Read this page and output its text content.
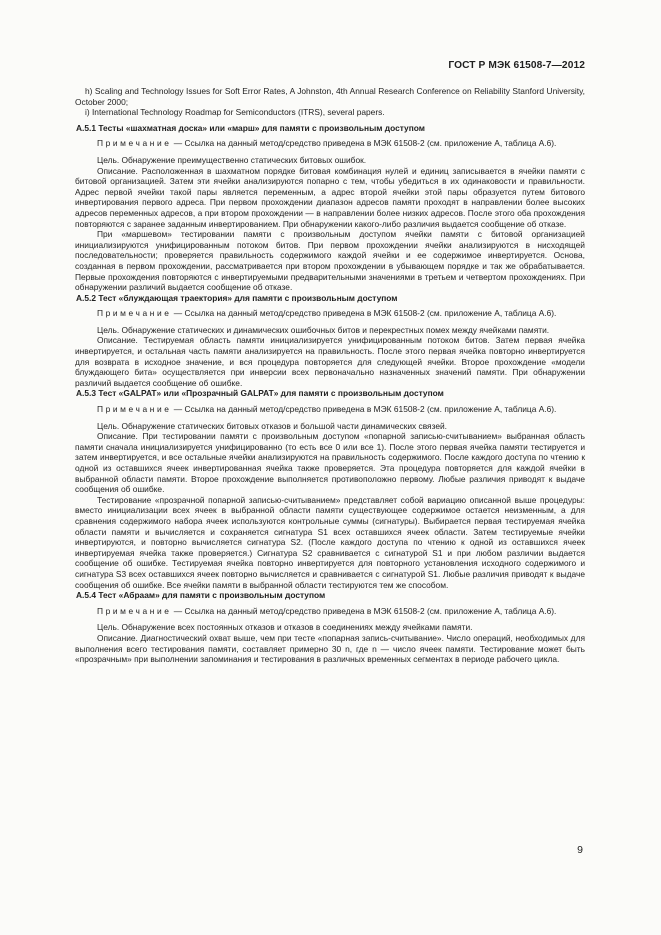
ГОСТ Р МЭК 61508-7—2012

h) Scaling and Technology Issues for Soft Error Rates, A Johnston, 4th Annual Research Conference on Reliability Stanford University, October 2000;

i) International Technology Roadmap for Semiconductors (ITRS), several papers.

А.5.1 Тесты «шахматная доска» или «марш» для памяти с произвольным доступом

Примечание — Ссылка на данный метод/средство приведена в МЭК 61508-2 (см. приложение А, таблица А.6).

Цель. Обнаружение преимущественно статических битовых ошибок.

Описание. Расположенная в шахматном порядке битовая комбинация нулей и единиц записывается в ячейки памяти с битовой организацией. Затем эти ячейки анализируются попарно с тем, чтобы убедиться в их одинаковости и правильности. Адрес первой ячейки такой пары является переменным, а адрес второй ячейки этой пары образуется путем битового инвертирования первого адреса. При первом прохождении диапазон адресов памяти проходят в направлении более высоких адресов переменных адресов, а при втором прохождении — в направлении более низких адресов. После этого оба прохождения повторяются с заранее заданным инвертированием. При обнаружении какого-либо различия выдается сообщение об отказе.

При «маршевом» тестировании памяти с произвольным доступом ячейки памяти с битовой организацией инициализируются унифицированным потоком битов. При первом прохождении ячейки анализируются в нисходящей последовательности; проверяется правильность содержимого каждой ячейки и ее содержимое инвертируется. Основа, созданная в первом прохождении, рассматривается при втором прохождении в убывающем порядке и так же обрабатывается. Первые прохождения повторяются с инвертируемыми предварительными значениями в третьем и четвертом прохождениях. При обнаружении различий выдается сообщение об отказе.

А.5.2 Тест «блуждающая траектория» для памяти с произвольным доступом

Примечание — Ссылка на данный метод/средство приведена в МЭК 61508-2 (см. приложение А, таблица А.6).

Цель. Обнаружение статических и динамических ошибочных битов и перекрестных помех между ячейками памяти.

Описание. Тестируемая область памяти инициализируется унифицированным потоком битов. Затем первая ячейка инвертируется, и остальная часть памяти анализируется на правильность. После этого первая ячейка повторно инвертируется для возврата в исходное значение, и вся процедура повторяется для следующей ячейки. Второе прохождение «модели блуждающего бита» осуществляется при инверсии всех первоначально назначенных значений памяти. При обнаружении различий выдается сообщение об ошибке.

А.5.3 Тест «GALPAT» или «Прозрачный GALPAT» для памяти с произвольным доступом

Примечание — Ссылка на данный метод/средство приведена в МЭК 61508-2 (см. приложение А, таблица А.6).

Цель. Обнаружение статических битовых отказов и большой части динамических связей.

Описание. При тестировании памяти с произвольным доступом «попарной записью-считыванием» выбранная область памяти сначала инициализируется унифицированно (то есть все 0 или все 1). После этого первая ячейка памяти тестируется и затем инвертируется, и все остальные ячейки анализируются на правильность содержимого. После каждого доступа по чтению к одной из оставшихся ячеек инвертированная ячейка также проверяется. Эта процедура повторяется для каждой ячейки в выбранной области памяти. Второе прохождение выполняется противоположно первому. Любые различия приводят к выдаче сообщения об ошибке.

Тестирование «прозрачной попарной записью-считыванием» представляет собой вариацию описанной выше процедуры: вместо инициализации всех ячеек в выбранной области памяти существующее содержимое остается неизменным, а для сравнения содержимого набора ячеек используются контрольные суммы (сигнатуры). Выбирается первая тестируемая ячейка области памяти и вычисляется и сохраняется сигнатура S1 всех оставшихся ячеек области. Затем тестируемые ячейки инвертируются, и повторно вычисляется сигнатура S2. (После каждого доступа по чтению к одной из оставшихся ячеек инвертируемая ячейка также проверяется.) Сигнатура S2 сравнивается с сигнатурой S1 и при любом различии выдается сообщение об ошибке. Тестируемая ячейка повторно инвертируется для повторного установления исходного содержимого и сигнатура S3 всех оставшихся ячеек повторно вычисляется и сравнивается с сигнатурой S1. Любые различия приводят к выдаче сообщения об ошибке. Все ячейки памяти в выбранной области тестируются тем же способом.

А.5.4 Тест «Абраам» для памяти с произвольным доступом

Примечание — Ссылка на данный метод/средство приведена в МЭК 61508-2 (см. приложение А, таблица А.6).

Цель. Обнаружение всех постоянных отказов и отказов в соединениях между ячейками памяти.

Описание. Диагностический охват выше, чем при тесте «попарная запись-считывание». Число операций, необходимых для выполнения всего тестирования памяти, составляет примерно 30 n, где n — число ячеек памяти. Тестирование может быть «прозрачным» при выполнении запоминания и тестирования в различных временных сегментах в периоде рабочего цикла.

9
